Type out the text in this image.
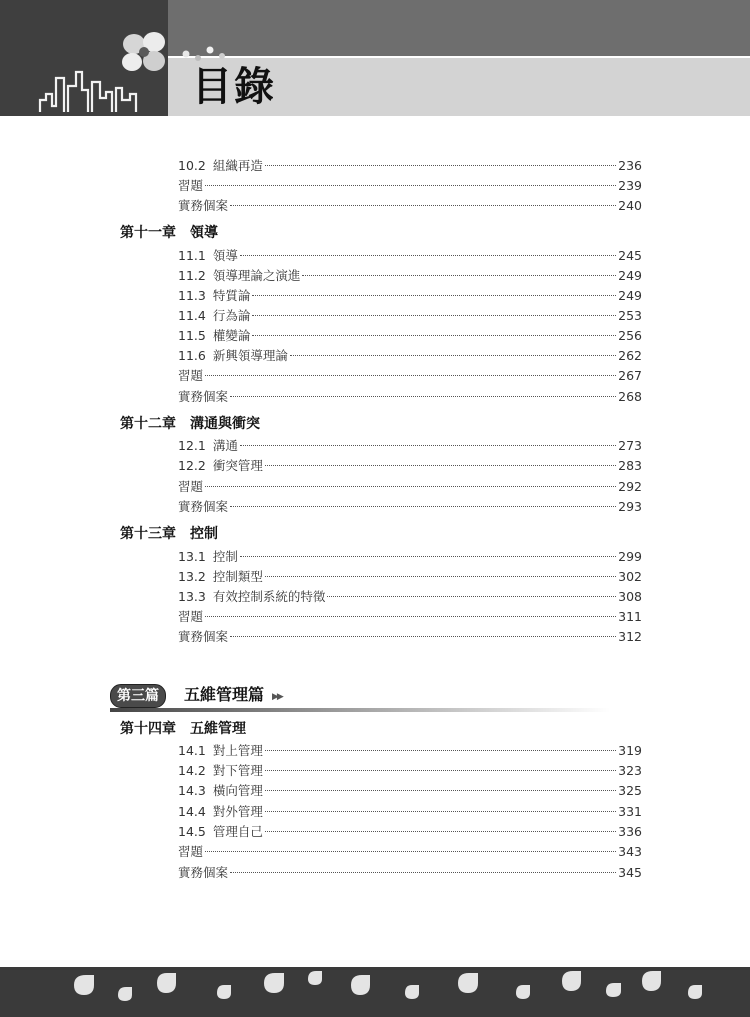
目錄
10.2 組織再造	236
習題	239
實務個案	240
第十一章 領導
11.1 領導	245
11.2 領導理論之演進	249
11.3 特質論	249
11.4 行為論	253
11.5 權變論	256
11.6 新興領導理論	262
習題	267
實務個案	268
第十二章 溝通與衝突
12.1 溝通	273
12.2 衝突管理	283
習題	292
實務個案	293
第十三章 控制
13.1 控制	299
13.2 控制類型	302
13.3 有效控制系統的特徵	308
習題	311
實務個案	312
第三篇	五維管理篇 ▶▶
第十四章 五維管理
14.1 對上管理	319
14.2 對下管理	323
14.3 橫向管理	325
14.4 對外管理	331
14.5 管理自己	336
習題	343
實務個案	345
